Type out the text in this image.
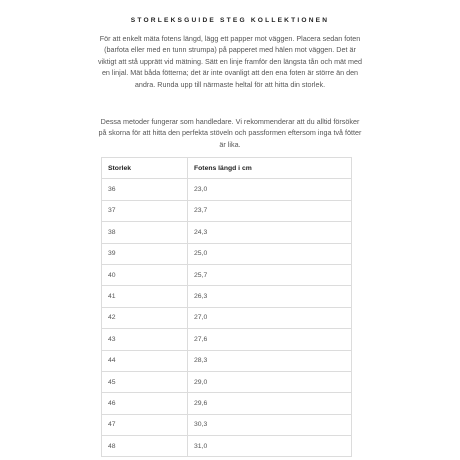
STORLEKSGUIDE STEG KOLLEKTIONEN

För att enkelt mäta fotens längd, lägg ett papper mot väggen. Placera sedan foten (barfota eller med en tunn strumpa) på papperet med hälen mot väggen. Det är viktigt att stå upprätt vid mätning. Sätt en linje framför den längsta tån och mät med en linjal. Mät båda fötterna; det är inte ovanligt att den ena foten är större än den andra. Runda upp till närmaste heltal för att hitta din storlek.

Dessa metoder fungerar som handledare. Vi rekommenderar att du alltid försöker på skorna för att hitta den perfekta stöveln och passformen eftersom inga två fötter är lika.

Storlek	Fotens längd i cm
36	23,0
37	23,7
38	24,3
39	25,0
40	25,7
41	26,3
42	27,0
43	27,6
44	28,3
45	29,0
46	29,6
47	30,3
48	31,0
